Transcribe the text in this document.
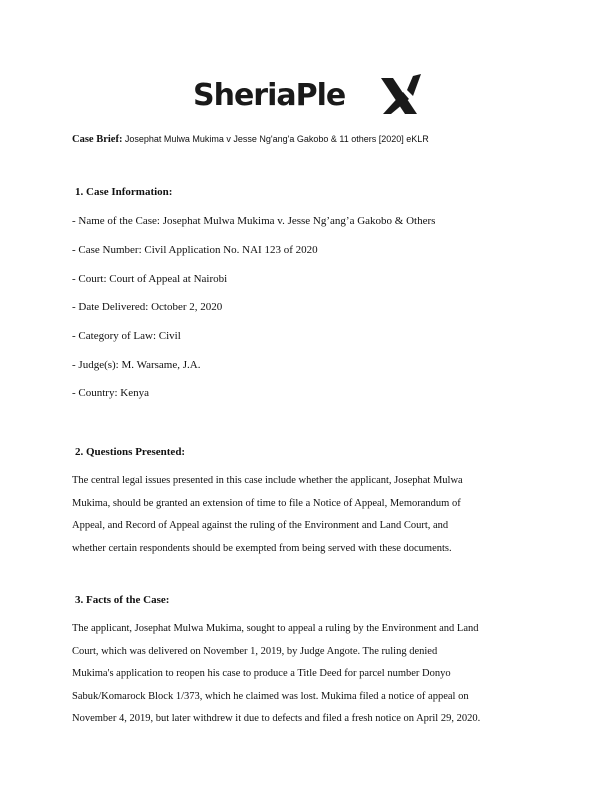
SheriaPle
Case Brief: Josephat Mulwa Mukima v Jesse Ng'ang'a Gakobo & 11 others [2020] eKLR
1. Case Information:
- Name of the Case: Josephat Mulwa Mukima v. Jesse Ng’ang’a Gakobo & Others
- Case Number: Civil Application No. NAI 123 of 2020
- Court: Court of Appeal at Nairobi
- Date Delivered: October 2, 2020
- Category of Law: Civil
- Judge(s): M. Warsame, J.A.
- Country: Kenya
2. Questions Presented:
The central legal issues presented in this case include whether the applicant, Josephat Mulwa
Mukima, should be granted an extension of time to file a Notice of Appeal, Memorandum of
Appeal, and Record of Appeal against the ruling of the Environment and Land Court, and
whether certain respondents should be exempted from being served with these documents.
3. Facts of the Case:
The applicant, Josephat Mulwa Mukima, sought to appeal a ruling by the Environment and Land
Court, which was delivered on November 1, 2019, by Judge Angote. The ruling denied
Mukima's application to reopen his case to produce a Title Deed for parcel number Donyo
Sabuk/Komarock Block 1/373, which he claimed was lost. Mukima filed a notice of appeal on
November 4, 2019, but later withdrew it due to defects and filed a fresh notice on April 29, 2020.
